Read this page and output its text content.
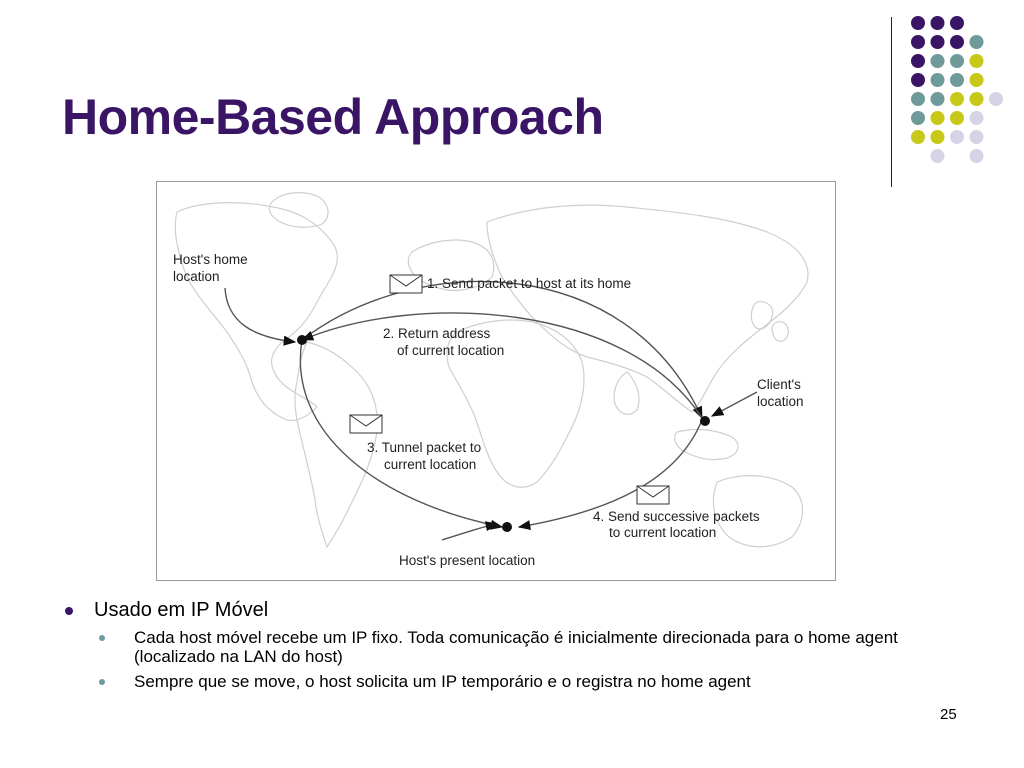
Home-Based Approach
Host's home
location	1. Send packet to host at its home
2. Return address
of current location
Client's
location
3. Tunnel packet to
current location
4. Send successive packets
to current location
Host's present location
Usado em IP Móvel
Cada host móvel recebe um IP fixo. Toda comunicação é inicialmente direcionada para o home agent (localizado na LAN do host)
Sempre que se move, o host solicita um IP temporário e o registra no home agent
25
